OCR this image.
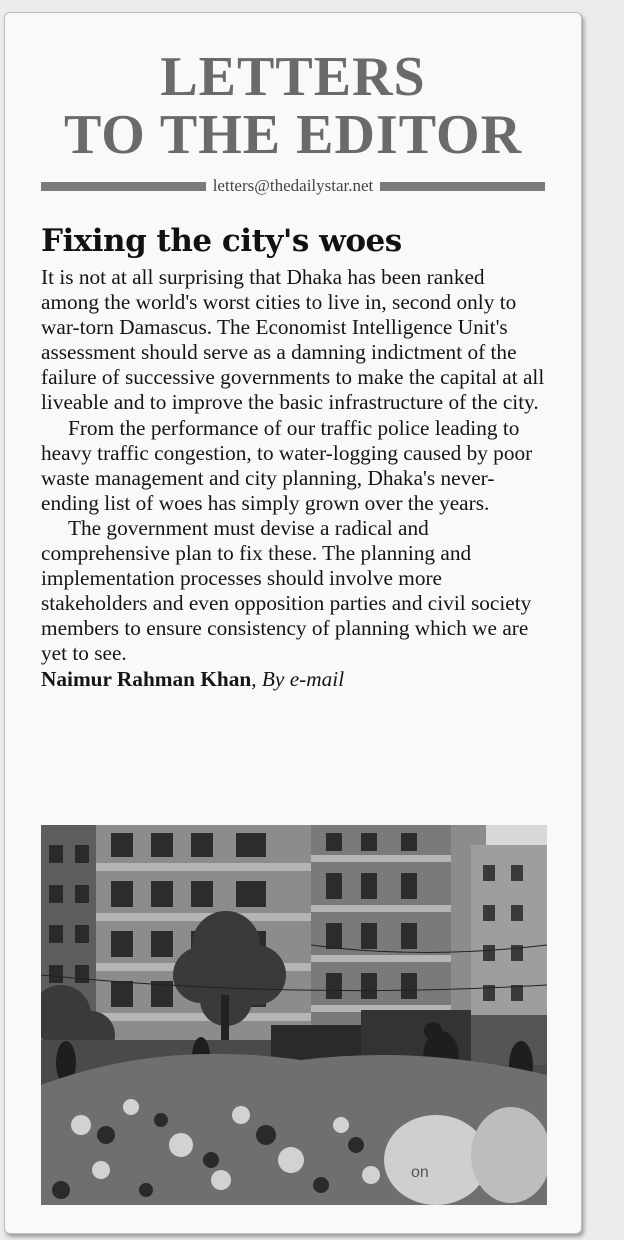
LETTERS
TO THE EDITOR
letters@thedailystar.net
Fixing the city's woes

It is not at all surprising that Dhaka has been ranked among the world's worst cities to live in, second only to war-torn Damascus. The Economist Intelligence Unit's assessment should serve as a damning indictment of the failure of successive governments to make the capital at all liveable and to improve the basic infrastructure of the city.

From the performance of our traffic police leading to heavy traffic congestion, to water-logging caused by poor waste management and city planning, Dhaka's never-ending list of woes has simply grown over the years.

The government must devise a radical and comprehensive plan to fix these. The planning and implementation processes should involve more stakeholders and even opposition parties and civil society members to ensure consistency of planning which we are yet to see.

Naimur Rahman Khan, By e-mail

on
